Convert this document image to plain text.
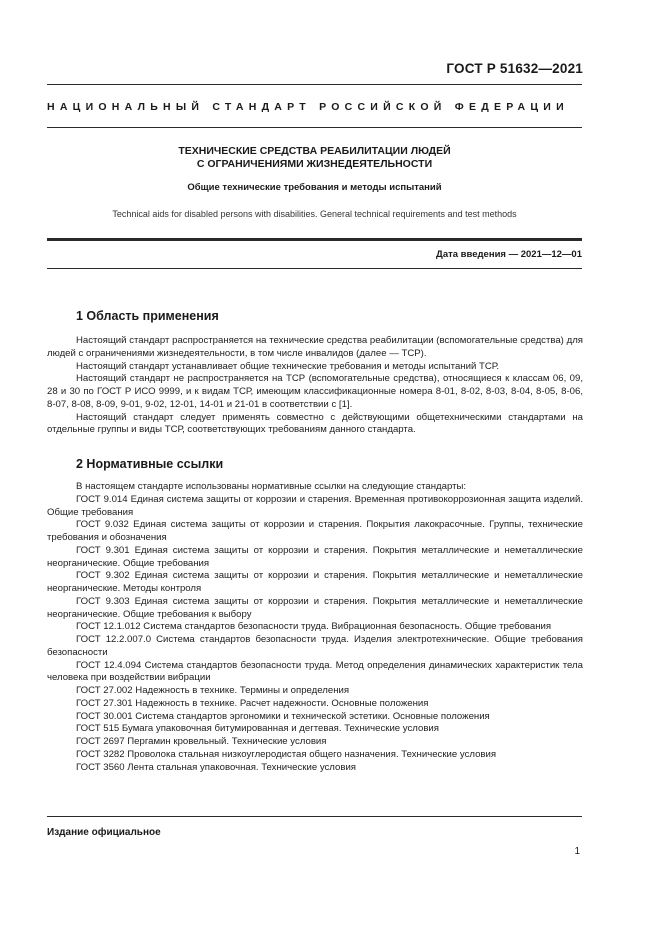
ГОСТ Р 51632—2021
НАЦИОНАЛЬНЫЙ СТАНДАРТ РОССИЙСКОЙ ФЕДЕРАЦИИ
ТЕХНИЧЕСКИЕ СРЕДСТВА РЕАБИЛИТАЦИИ ЛЮДЕЙ
С ОГРАНИЧЕНИЯМИ ЖИЗНЕДЕЯТЕЛЬНОСТИ
Общие технические требования и методы испытаний
Technical aids for disabled persons with disabilities. General technical requirements and test methods
Дата введения — 2021—12—01
1 Область применения

Настоящий стандарт распространяется на технические средства реабилитации (вспомогательные средства) для людей с ограничениями жизнедеятельности, в том числе инвалидов (далее — ТСР).

Настоящий стандарт устанавливает общие технические требования и методы испытаний ТСР.

Настоящий стандарт не распространяется на ТСР (вспомогательные средства), относящиеся к классам 06, 09, 28 и 30 по ГОСТ Р ИСО 9999, и к видам ТСР, имеющим классификационные номера 8-01, 8-02, 8-03, 8-04, 8-05, 8-06, 8-07, 8-08, 8-09, 9-01, 9-02, 12-01, 14-01 и 21-01 в соответствии с [1].

Настоящий стандарт следует применять совместно с действующими общетехническими стандартами на отдельные группы и виды ТСР, соответствующих требованиям данного стандарта.

2 Нормативные ссылки

В настоящем стандарте использованы нормативные ссылки на следующие стандарты:

ГОСТ 9.014 Единая система защиты от коррозии и старения. Временная противокоррозионная защита изделий. Общие требования

ГОСТ 9.032 Единая система защиты от коррозии и старения. Покрытия лакокрасочные. Группы, технические требования и обозначения

ГОСТ 9.301 Единая система защиты от коррозии и старения. Покрытия металлические и неметаллические неорганические. Общие требования

ГОСТ 9.302 Единая система защиты от коррозии и старения. Покрытия металлические и неметаллические неорганические. Методы контроля

ГОСТ 9.303 Единая система защиты от коррозии и старения. Покрытия металлические и неметаллические неорганические. Общие требования к выбору

ГОСТ 12.1.012 Система стандартов безопасности труда. Вибрационная безопасность. Общие требования

ГОСТ 12.2.007.0 Система стандартов безопасности труда. Изделия электротехнические. Общие требования безопасности

ГОСТ 12.4.094 Система стандартов безопасности труда. Метод определения динамических характеристик тела человека при воздействии вибрации

ГОСТ 27.002 Надежность в технике. Термины и определения

ГОСТ 27.301 Надежность в технике. Расчет надежности. Основные положения

ГОСТ 30.001 Система стандартов эргономики и технической эстетики. Основные положения

ГОСТ 515 Бумага упаковочная битумированная и дегтевая. Технические условия

ГОСТ 2697 Пергамин кровельный. Технические условия

ГОСТ 3282 Проволока стальная низкоуглеродистая общего назначения. Технические условия

ГОСТ 3560 Лента стальная упаковочная. Технические условия

Издание официальное
1
